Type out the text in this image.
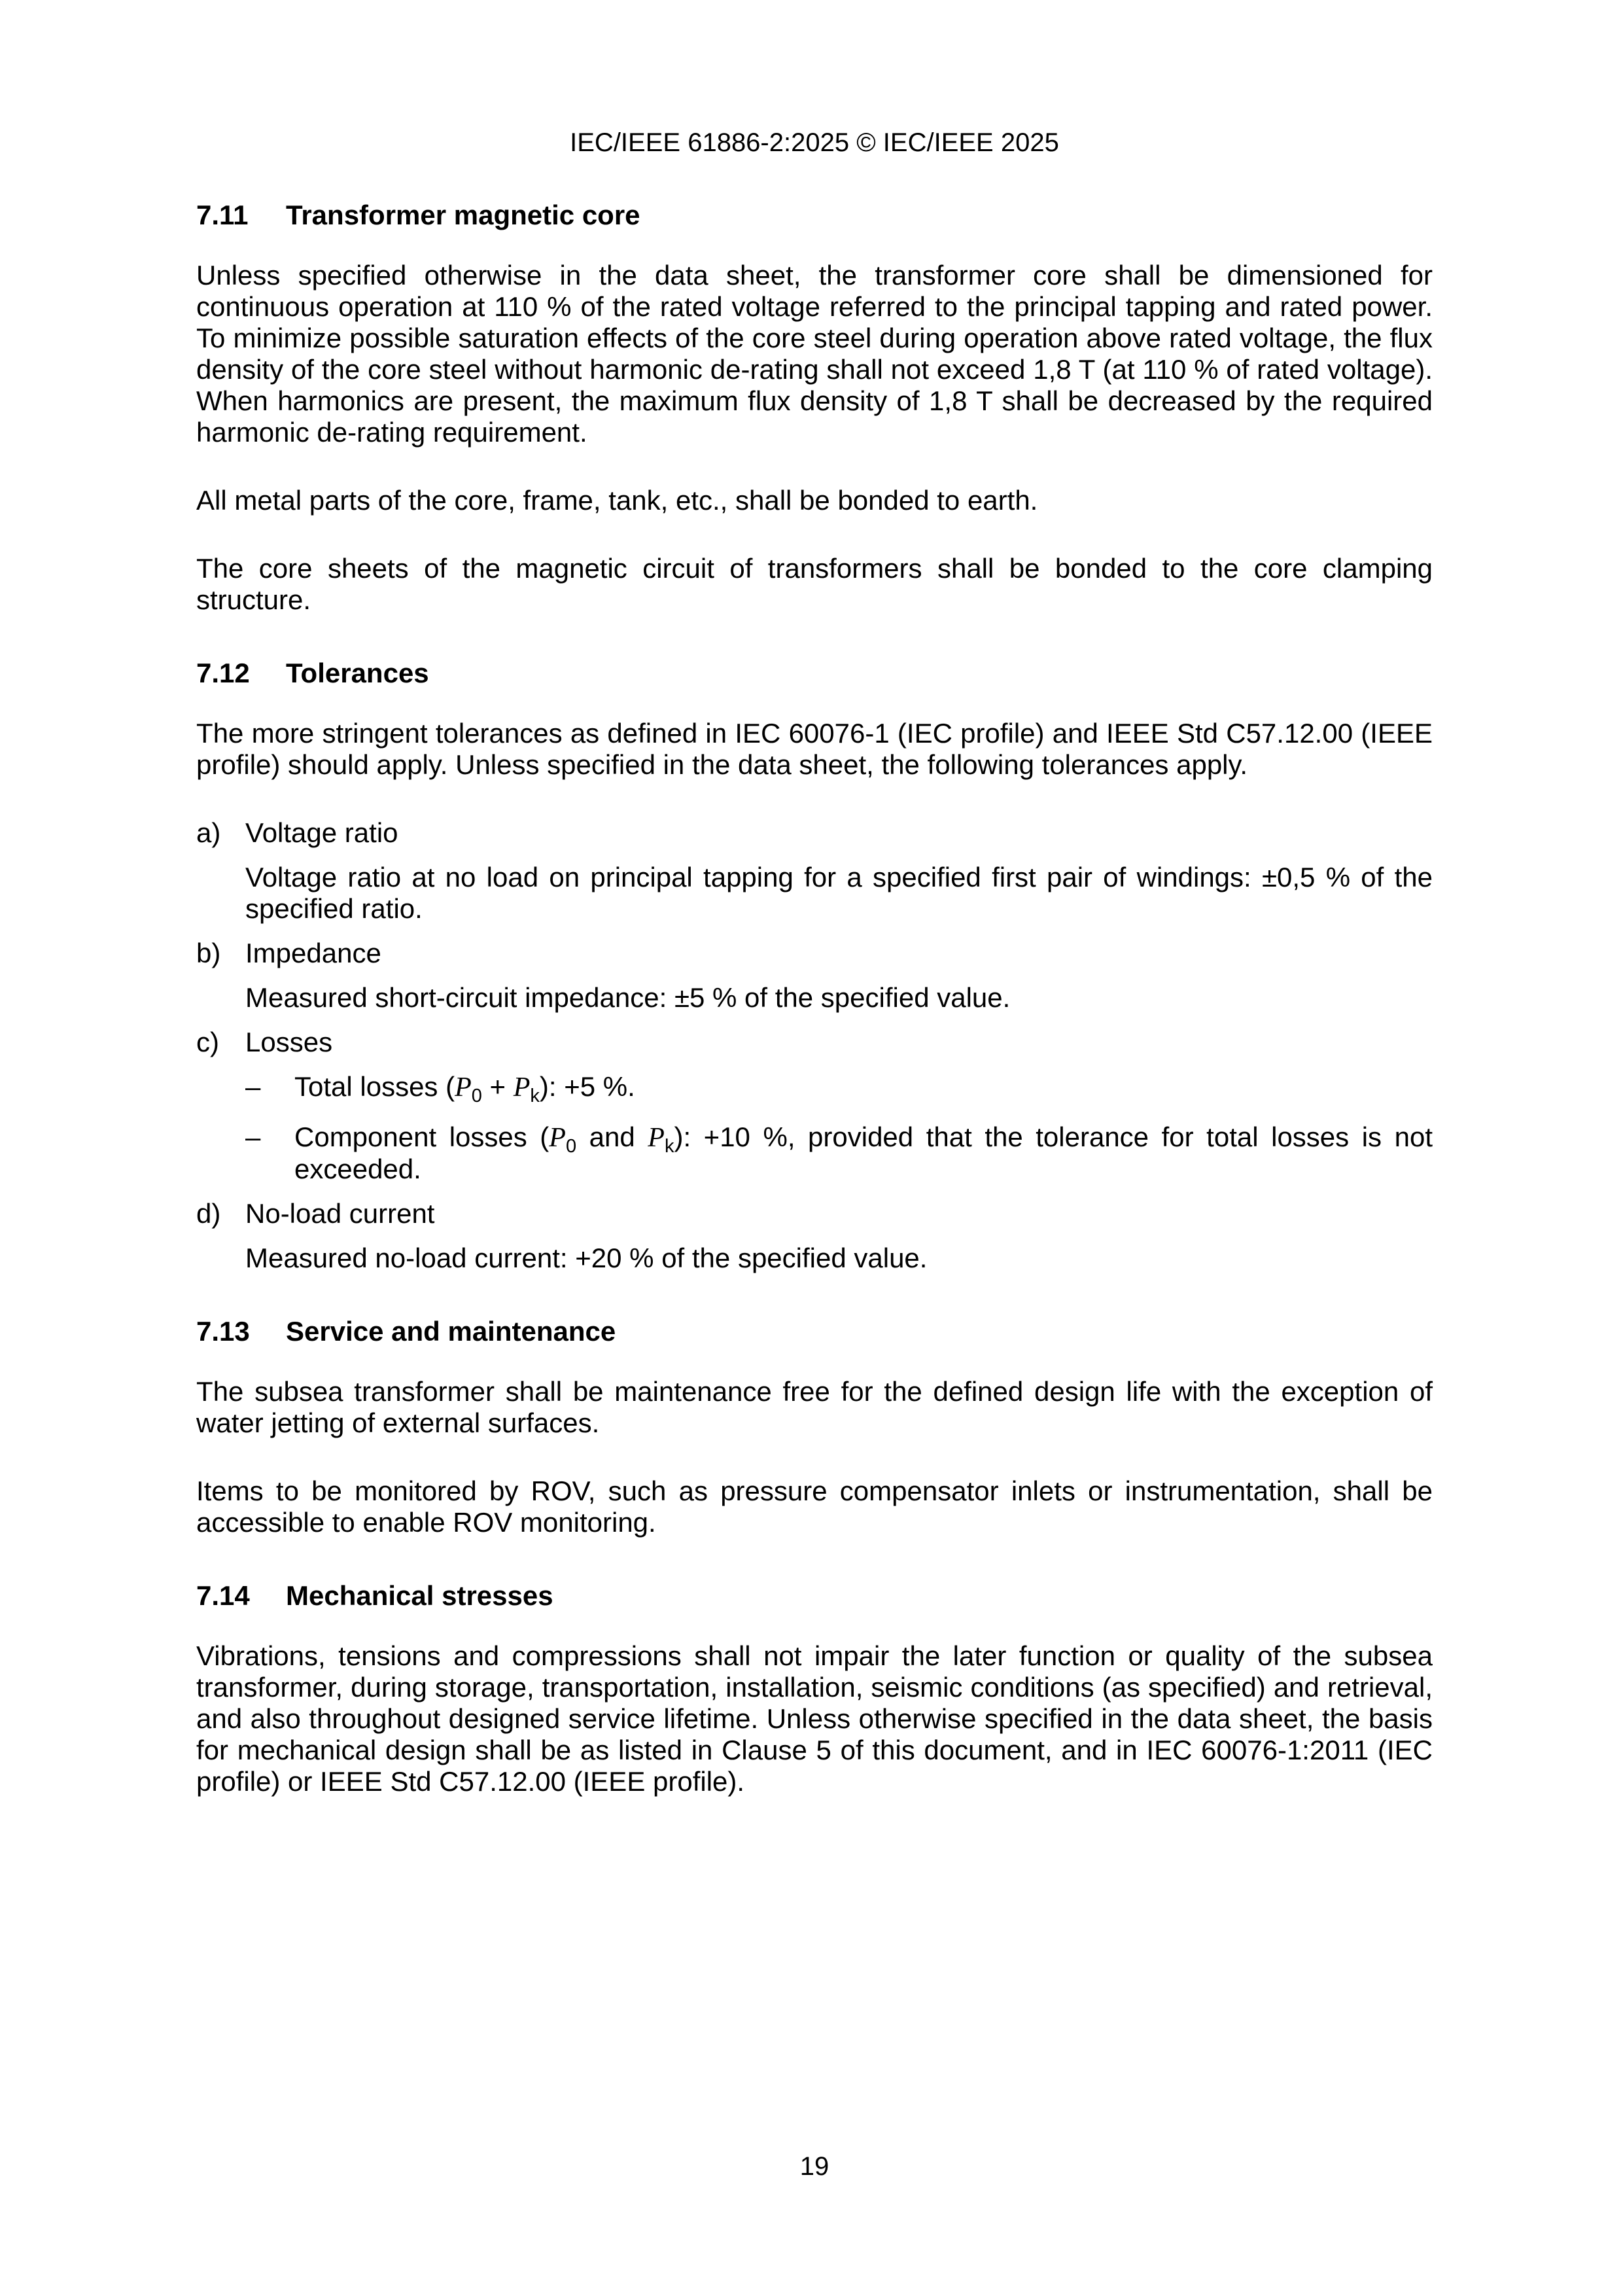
IEC/IEEE 61886-2:2025 © IEC/IEEE 2025
7.11	Transformer magnetic core

Unless specified otherwise in the data sheet, the transformer core shall be dimensioned for continuous operation at 110 % of the rated voltage referred to the principal tapping and rated power. To minimize possible saturation effects of the core steel during operation above rated voltage, the flux density of the core steel without harmonic de-rating shall not exceed 1,8 T (at 110 % of rated voltage). When harmonics are present, the maximum flux density of 1,8 T shall be decreased by the required harmonic de-rating requirement.

All metal parts of the core, frame, tank, etc., shall be bonded to earth.

The core sheets of the magnetic circuit of transformers shall be bonded to the core clamping structure.

7.12	Tolerances

The more stringent tolerances as defined in IEC 60076-1 (IEC profile) and IEEE Std C57.12.00 (IEEE profile) should apply. Unless specified in the data sheet, the following tolerances apply.

a) Voltage ratio

Voltage ratio at no load on principal tapping for a specified first pair of windings: ±0,5 % of the specified ratio.

b) Impedance

Measured short-circuit impedance: ±5 % of the specified value.

c) Losses
– Total losses $(P_0 + P_k)$: +5 %.
– Component losses ($P_0$ and $P_k$): +10 %, provided that the tolerance for total losses is not exceeded.
d) No-load current

Measured no-load current: +20 % of the specified value.

7.13	Service and maintenance

The subsea transformer shall be maintenance free for the defined design life with the exception of water jetting of external surfaces.

Items to be monitored by ROV, such as pressure compensator inlets or instrumentation, shall be accessible to enable ROV monitoring.

7.14	Mechanical stresses

Vibrations, tensions and compressions shall not impair the later function or quality of the subsea transformer, during storage, transportation, installation, seismic conditions (as specified) and retrieval, and also throughout designed service lifetime. Unless otherwise specified in the data sheet, the basis for mechanical design shall be as listed in Clause 5 of this document, and in IEC 60076-1:2011 (IEC profile) or IEEE Std C57.12.00 (IEEE profile).

19
